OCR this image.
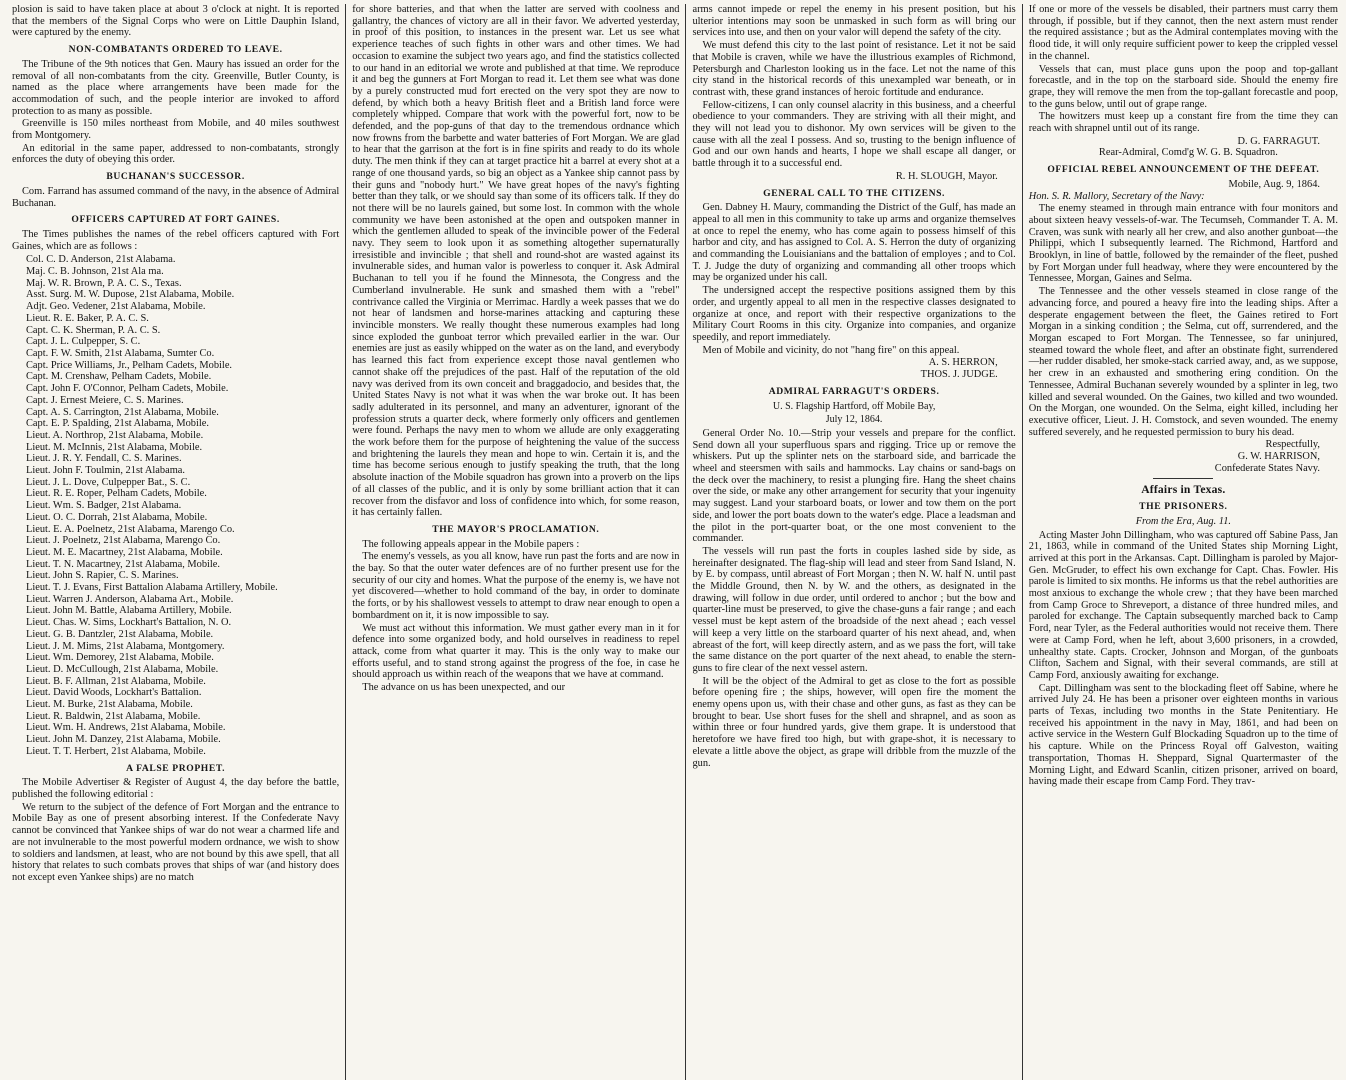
plosion is said to have taken place at about 3 o'clock at night. It is reported that the members of the Signal Corps who were on Little Dauphin Island, were captured by the enemy.

NON-COMBATANTS ORDERED TO LEAVE.

The Tribune of the 9th notices that Gen. Maury has issued an order for the removal of all non-combatants from the city. Greenville, Butler County, is named as the place where arrangements have been made for the accommodation of such, and the people interior are invoked to afford protection to as many as possible.

Greenville is 150 miles northeast from Mobile, and 40 miles southwest from Montgomery.

An editorial in the same paper, addressed to non-combatants, strongly enforces the duty of obeying this order.

BUCHANAN'S SUCCESSOR.

Com. Farrand has assumed command of the navy, in the absence of Admiral Buchanan.

OFFICERS CAPTURED AT FORT GAINES.

The Times publishes the names of the rebel officers captured with Fort Gaines, which are as follows :

Col. C. D. Anderson, 21st Alabama.
Maj. C. B. Johnson, 21st Ala ma.
Maj. W. R. Brown, P. A. C. S., Texas.
Asst. Surg. M. W. Dupose, 21st Alabama, Mobile.
Adjt. Geo. Vedener, 21st Alabama, Mobile.
Lieut. R. E. Baker, P. A. C. S.
Capt. C. K. Sherman, P. A. C. S.
Capt. J. L. Culpepper, S. C.
Capt. F. W. Smith, 21st Alabama, Sumter Co.
Capt. Price Williams, Jr., Pelham Cadets, Mobile.
Capt. M. Crenshaw, Pelham Cadets, Mobile.
Capt. John F. O'Connor, Pelham Cadets, Mobile.
Capt. J. Ernest Meiere, C. S. Marines.
Capt. A. S. Carrington, 21st Alabama, Mobile.
Capt. E. P. Spalding, 21st Alabama, Mobile.
Lieut. A. Northrop, 21st Alabama, Mobile.
Lieut. M. McInnis, 21st Alabama, Mobile.
Lieut. J. R. Y. Fendall, C. S. Marines.
Lieut. John F. Toulmin, 21st Alabama.
Lieut. J. L. Dove, Culpepper Bat., S. C.
Lieut. R. E. Roper, Pelham Cadets, Mobile.
Lieut. Wm. S. Badger, 21st Alabama.
Lieut. O. C. Dorrah, 21st Alabama, Mobile.
Lieut. E. A. Poelnetz, 21st Alabama, Marengo Co.
Lieut. J. Poelnetz, 21st Alabama, Marengo Co.
Lieut. M. E. Macartney, 21st Alabama, Mobile.
Lieut. T. N. Macartney, 21st Alabama, Mobile.
Lieut. John S. Rapier, C. S. Marines.
Lieut. T. J. Evans, First Battalion Alabama Artillery, Mobile.
Lieut. Warren J. Anderson, Alabama Art., Mobile.
Lieut. John M. Battle, Alabama Artillery, Mobile.
Lieut. Chas. W. Sims, Lockhart's Battalion, N. O.
Lieut. G. B. Dantzler, 21st Alabama, Mobile.
Lieut. J. M. Mims, 21st Alabama, Montgomery.
Lieut. Wm. Demorey, 21st Alabama, Mobile.
Lieut. D. McCullough, 21st Alabama, Mobile.
Lieut. B. F. Allman, 21st Alabama, Mobile.
Lieut. David Woods, Lockhart's Battalion.
Lieut. M. Burke, 21st Alabama, Mobile.
Lieut. R. Baldwin, 21st Alabama, Mobile.
Lieut. Wm. H. Andrews, 21st Alabama, Mobile.
Lieut. John M. Danzey, 21st Alabama, Mobile.
Lieut. T. T. Herbert, 21st Alabama, Mobile.
A FALSE PROPHET.

The Mobile Advertiser & Register of August 4, the day before the battle, published the following editorial :

We return to the subject of the defence of Fort Morgan and the entrance to Mobile Bay as one of present absorbing interest. If the Confederate Navy cannot be convinced that Yankee ships of war do not wear a charmed life and are not invulnerable to the most powerful modern ordnance, we wish to show to soldiers and landsmen, at least, who are not bound by this awe spell, that all history that relates to such combats proves that ships of war (and history does not except even Yankee ships) are no match

for shore batteries, and that when the latter are served with coolness and gallantry, the chances of victory are all in their favor. We adverted yesterday, in proof of this position, to instances in the present war. Let us see what experience teaches of such fights in other wars and other times. We had occasion to examine the subject two years ago, and find the statistics collected to our hand in an editorial we wrote and published at that time. We reproduce it and beg the gunners at Fort Morgan to read it. Let them see what was done by a purely constructed mud fort erected on the very spot they are now to defend, by which both a heavy British fleet and a British land force were completely whipped. Compare that work with the powerful fort, now to be defended, and the pop-guns of that day to the tremendous ordnance which now frowns from the barbette and water batteries of Fort Morgan. We are glad to hear that the garrison at the fort is in fine spirits and ready to do its whole duty. The men think if they can at target practice hit a barrel at every shot at a range of one thousand yards, so big an object as a Yankee ship cannot pass by their guns and "nobody hurt." We have great hopes of the navy's fighting better than they talk, or we should say than some of its officers talk. If they do not there will be no laurels gained, but some lost. In common with the whole community we have been astonished at the open and outspoken manner in which the gentlemen alluded to speak of the invincible power of the Federal navy. They seem to look upon it as something altogether supernaturally irresistible and invincible ; that shell and round-shot are wasted against its invulnerable sides, and human valor is powerless to conquer it. Ask Admiral Buchanan to tell you if he found the Minnesota, the Congress and the Cumberland invulnerable. He sunk and smashed them with a "rebel" contrivance called the Virginia or Merrimac. Hardly a week passes that we do not hear of landsmen and horse-marines attacking and capturing these invincible monsters. We really thought these numerous examples had long since exploded the gunboat terror which prevailed earlier in the war. Our enemies are just as easily whipped on the water as on the land, and everybody has learned this fact from experience except those naval gentlemen who cannot shake off the prejudices of the past. Half of the reputation of the old navy was derived from its own conceit and braggadocio, and besides that, the United States Navy is not what it was when the war broke out. It has been sadly adulterated in its personnel, and many an adventurer, ignorant of the profession struts a quarter deck, where formerly only officers and gentlemen were found. Perhaps the navy men to whom we allude are only exaggerating the work before them for the purpose of heightening the value of the success and brightening the laurels they mean and hope to win. Certain it is, and the time has become serious enough to justify speaking the truth, that the long absolute inaction of the Mobile squadron has grown into a proverb on the lips of all classes of the public, and it is only by some brilliant action that it can recover from the disfavor and loss of confidence into which, for some reason, it has certainly fallen.

THE MAYOR'S PROCLAMATION.

The following appeals appear in the Mobile papers :

The enemy's vessels, as you all know, have run past the forts and are now in the bay. So that the outer water defences are of no further present use for the security of our city and homes. What the purpose of the enemy is, we have not yet discovered—whether to hold command of the bay, in order to dominate the forts, or by his shallowest vessels to attempt to draw near enough to open a bombardment on it, it is now impossible to say.

We must act without this information. We must gather every man in it for defence into some organized body, and hold ourselves in readiness to repel attack, come from what quarter it may. This is the only way to make our efforts useful, and to stand strong against the progress of the foe, in case he should approach us within reach of the weapons that we have at command.

The advance on us has been unexpected, and our

arms cannot impede or repel the enemy in his present position, but his ulterior intentions may soon be unmasked in such form as will bring our services into use, and then on your valor will depend the safety of the city.

We must defend this city to the last point of resistance. Let it not be said that Mobile is craven, while we have the illustrious examples of Richmond, Petersburgh and Charleston looking us in the face. Let not the name of this city stand in the historical records of this unexampled war beneath, or in contrast with, these grand instances of heroic fortitude and endurance.

Fellow-citizens, I can only counsel alacrity in this business, and a cheerful obedience to your commanders. They are striving with all their might, and they will not lead you to dishonor. My own services will be given to the cause with all the zeal I possess. And so, trusting to the benign influence of God and our own hands and hearts, I hope we shall escape all danger, or battle through it to a successful end.

R. H. SLOUGH, Mayor.

GENERAL CALL TO THE CITIZENS.

Gen. Dabney H. Maury, commanding the District of the Gulf, has made an appeal to all men in this community to take up arms and organize themselves at once to repel the enemy, who has come again to possess himself of this harbor and city, and has assigned to Col. A. S. Herron the duty of organizing and commanding the Louisianians and the battalion of employes ; and to Col. T. J. Judge the duty of organizing and commanding all other troops which may be organized under his call.

The undersigned accept the respective positions assigned them by this order, and urgently appeal to all men in the respective classes designated to organize at once, and report with their respective organizations to the Military Court Rooms in this city. Organize into companies, and organize speedily, and report immediately.

Men of Mobile and vicinity, do not "hang fire" on this appeal.

A. S. HERRON,

THOS. J. JUDGE.

ADMIRAL FARRAGUT'S ORDERS.
U. S. Flagship Hartford, off Mobile Bay,
July 12, 1864.

General Order No. 10.—Strip your vessels and prepare for the conflict. Send down all your superfluous spars and rigging. Trice up or remove the whiskers. Put up the splinter nets on the starboard side, and barricade the wheel and steersmen with sails and hammocks. Lay chains or sand-bags on the deck over the machinery, to resist a plunging fire. Hang the sheet chains over the side, or make any other arrangement for security that your ingenuity may suggest. Land your starboard boats, or lower and tow them on the port side, and lower the port boats down to the water's edge. Place a leadsman and the pilot in the port-quarter boat, or the one most convenient to the commander.

The vessels will run past the forts in couples lashed side by side, as hereinafter designated. The flag-ship will lead and steer from Sand Island, N. by E. by compass, until abreast of Fort Morgan ; then N. W. half N. until past the Middle Ground, then N. by W. and the others, as designated in the drawing, will follow in due order, until ordered to anchor ; but the bow and quarter-line must be preserved, to give the chase-guns a fair range ; and each vessel must be kept astern of the broadside of the next ahead ; each vessel will keep a very little on the starboard quarter of his next ahead, and, when abreast of the fort, will keep directly astern, and as we pass the fort, will take the same distance on the port quarter of the next ahead, to enable the stern-guns to fire clear of the next vessel astern.

It will be the object of the Admiral to get as close to the fort as possible before opening fire ; the ships, however, will open fire the moment the enemy opens upon us, with their chase and other guns, as fast as they can be brought to bear. Use short fuses for the shell and shrapnel, and as soon as within three or four hundred yards, give them grape. It is understood that heretofore we have fired too high, but with grape-shot, it is necessary to elevate a little above the object, as grape will dribble from the muzzle of the gun.

If one or more of the vessels be disabled, their partners must carry them through, if possible, but if they cannot, then the next astern must render the required assistance ; but as the Admiral contemplates moving with the flood tide, it will only require sufficient power to keep the crippled vessel in the channel.

Vessels that can, must place guns upon the poop and top-gallant forecastle, and in the top on the starboard side. Should the enemy fire grape, they will remove the men from the top-gallant forecastle and poop, to the guns below, until out of grape range.

The howitzers must keep up a constant fire from the time they can reach with shrapnel until out of its range.

D. G. FARRAGUT.

Rear-Admiral, Comd'g W. G. B. Squadron.

OFFICIAL REBEL ANNOUNCEMENT OF THE DEFEAT.

Mobile, Aug. 9, 1864.

Hon. S. R. Mallory, Secretary of the Navy:

The enemy steamed in through main entrance with four monitors and about sixteen heavy vessels-of-war. The Tecumseh, Commander T. A. M. Craven, was sunk with nearly all her crew, and also another gunboat—the Philippi, which I subsequently learned. The Richmond, Hartford and Brooklyn, in line of battle, followed by the remainder of the fleet, pushed by Fort Morgan under full headway, where they were encountered by the Tennessee, Morgan, Gaines and Selma.

The Tennessee and the other vessels steamed in close range of the advancing force, and poured a heavy fire into the leading ships. After a desperate engagement between the fleet, the Gaines retired to Fort Morgan in a sinking condition ; the Selma, cut off, surrendered, and the Morgan escaped to Fort Morgan. The Tennessee, so far uninjured, steamed toward the whole fleet, and after an obstinate fight, surrendered—her rudder disabled, her smoke-stack carried away, and, as we suppose, her crew in an exhausted and smothering ering condition. On the Tennessee, Admiral Buchanan severely wounded by a splinter in leg, two killed and several wounded. On the Gaines, two killed and two wounded. On the Morgan, one wounded. On the Selma, eight killed, including her executive officer, Lieut. J. H. Comstock, and seven wounded. The enemy suffered severely, and he requested permission to bury his dead.

Respectfully,

G. W. HARRISON,

Confederate States Navy.

Affairs in Texas.
THE PRISONERS.
From the Era, Aug. 11.

Acting Master John Dillingham, who was captured off Sabine Pass, Jan 21, 1863, while in command of the United States ship Morning Light, arrived at this port in the Arkansas. Capt. Dillingham is paroled by Major-Gen. McGruder, to effect his own exchange for Capt. Chas. Fowler. His parole is limited to six months. He informs us that the rebel authorities are most anxious to exchange the whole crew ; that they have been marched from Camp Groce to Shreveport, a distance of three hundred miles, and paroled for exchange. The Captain subsequently marched back to Camp Ford, near Tyler, as the Federal authorities would not receive them. There were at Camp Ford, when he left, about 3,600 prisoners, in a crowded, unhealthy state. Capts. Crocker, Johnson and Morgan, of the gunboats Clifton, Sachem and Signal, with their several commands, are still at Camp Ford, anxiously awaiting for exchange.

Capt. Dillingham was sent to the blockading fleet off Sabine, where he arrived July 24. He has been a prisoner over eighteen months in various parts of Texas, including two months in the State Penitentiary. He received his appointment in the navy in May, 1861, and had been on active service in the Western Gulf Blockading Squadron up to the time of his capture. While on the Princess Royal off Galveston, waiting transportation, Thomas H. Sheppard, Signal Quartermaster of the Morning Light, and Edward Scanlin, citizen prisoner, arrived on board, having made their escape from Camp Ford. They trav-
